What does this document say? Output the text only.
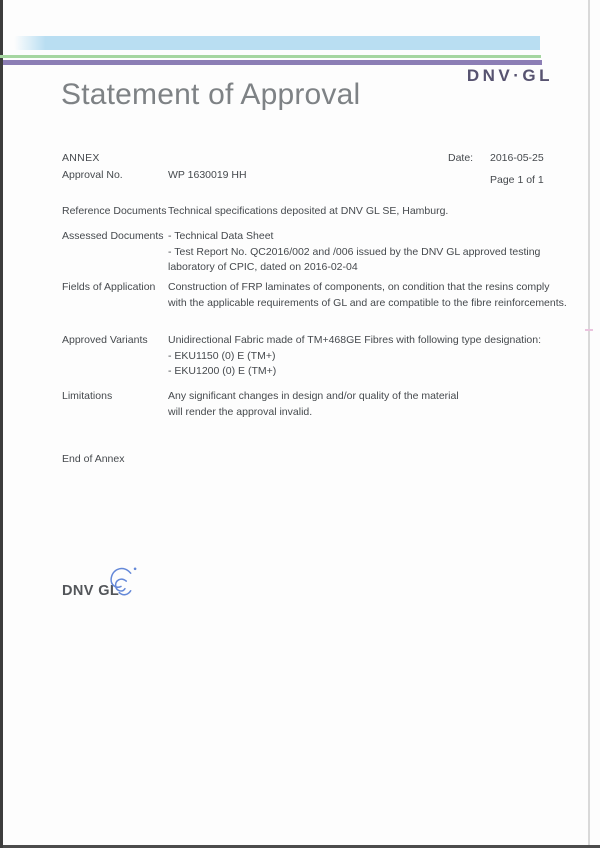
DNV·GL
Statement of Approval
ANNEX
Approval No.	WP 1630019 HH
Date: 2016-05-25
Page 1 of 1
Reference Documents Technical specifications deposited at DNV GL SE, Hamburg.
Assessed Documents - Technical Data Sheet
- Test Report No. QC2016/002 and /006 issued by the DNV GL approved testing
laboratory of CPIC, dated on 2016-02-04
Fields of Application Construction of FRP laminates of components, on condition that the resins comply
with the applicable requirements of GL and are compatible to the fibre reinforcements.
Approved Variants Unidirectional Fabric made of TM+468GE Fibres with following type designation:
- EKU1150 (0) E (TM+)
- EKU1200 (0) E (TM+)
Limitations	Any significant changes in design and/or quality of the material
will render the approval invalid.
End of Annex
DNV GL
